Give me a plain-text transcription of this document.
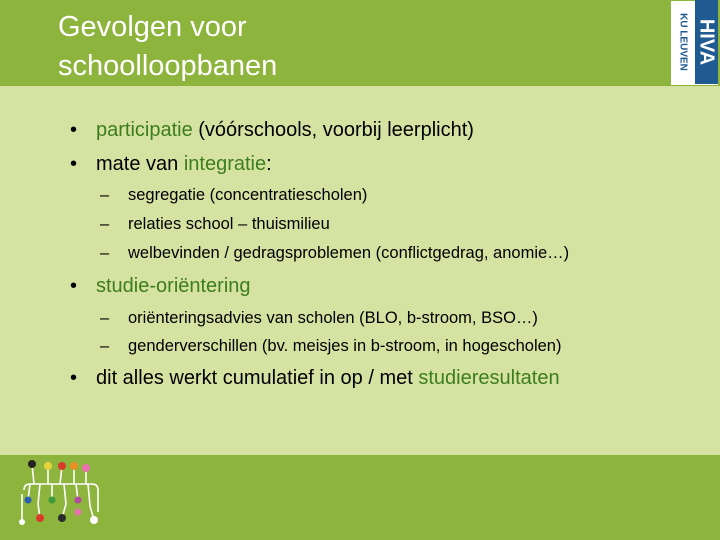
Gevolgen voor
schoolloopbanen
HIVA
KU LEUVEN
• participatie (vóórschools, voorbij leerplicht)
• mate van integratie:
– segregatie (concentratiescholen)
– relaties school – thuismilieu
– welbevinden / gedragsproblemen (conflictgedrag, anomie…)
• studie-oriëntering
– oriënteringsadvies van scholen (BLO, b-stroom, BSO…)
– genderverschillen (bv. meisjes in b-stroom, in hogescholen)
• dit alles werkt cumulatief in op / met studieresultaten
